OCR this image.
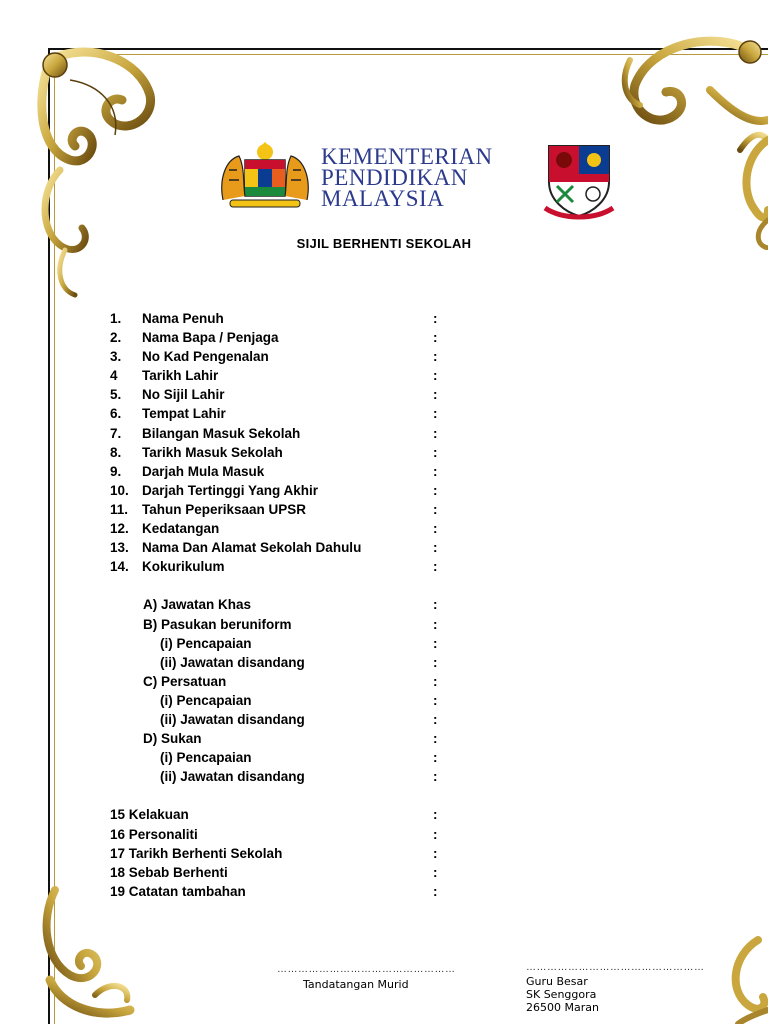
KEMENTERIAN
PENDIDIKAN
MALAYSIA
SIJIL BERHENTI SEKOLAH
1. Nama Penuh	:
2. Nama Bapa / Penjaga	:
3. No Kad Pengenalan	:
4 Tarikh Lahir	:
5. No Sijil Lahir	:
6. Tempat Lahir	:
7. Bilangan Masuk Sekolah	:
8. Tarikh Masuk Sekolah	:
9. Darjah Mula Masuk	:
10. Darjah Tertinggi Yang Akhir	:
11. Tahun Peperiksaan UPSR	:
12. Kedatangan	:
13. Nama Dan Alamat Sekolah Dahulu	:
14. Kokurikulum	:
A) Jawatan Khas	:
B) Pasukan beruniform	:
(i) Pencapaian	:
(ii) Jawatan disandang	:
C) Persatuan	:
(i) Pencapaian	:
(ii) Jawatan disandang	:
D) Sukan	:
(i) Pencapaian	:
(ii) Jawatan disandang	:
15 Kelakuan	:
16 Personaliti	:
17 Tarikh Berhenti Sekolah	:
18 Sebab Berhenti	:
19 Catatan tambahan	:
……………………………………………
Tandatangan Murid
……………………………………………
Guru Besar
SK Senggora
26500 Maran
